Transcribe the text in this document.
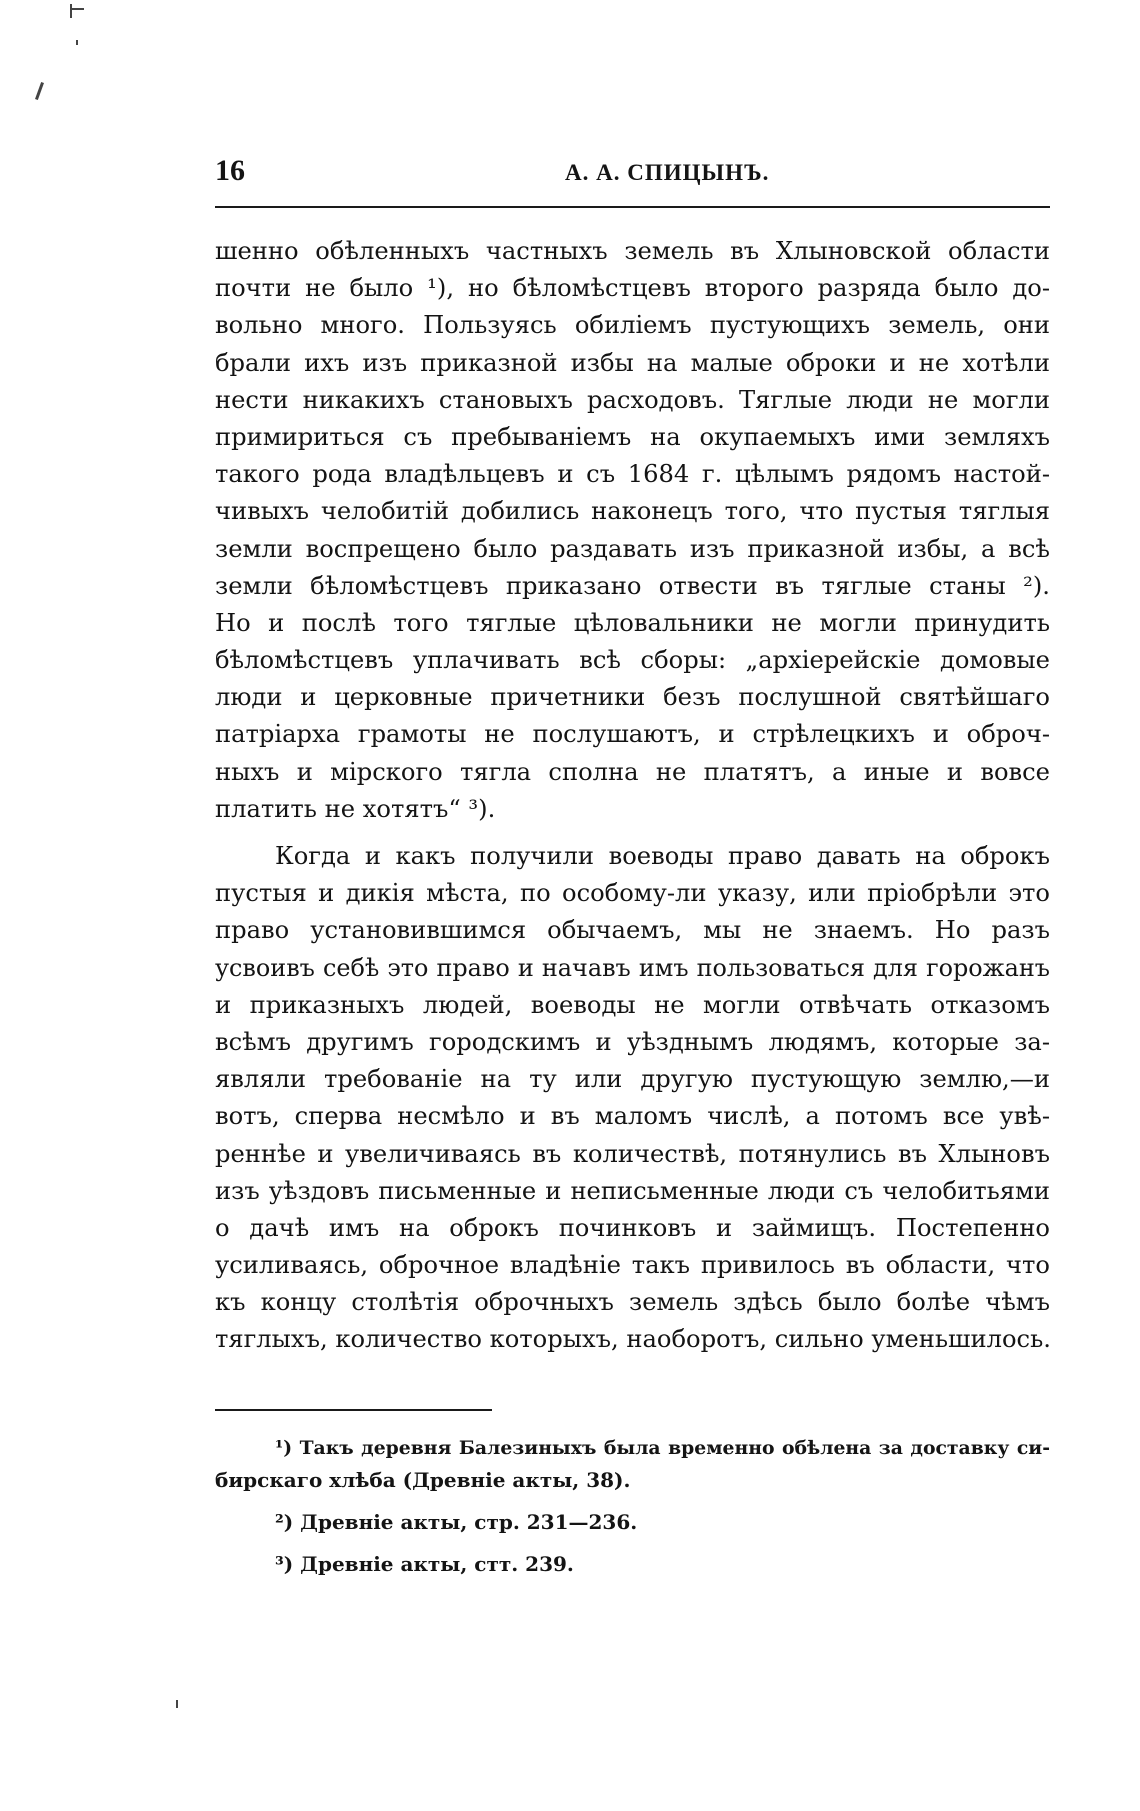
16	А. А. СПИЦЫНЪ.
шенно обѣленныхъ частныхъ земель въ Хлыновской области
почти не было ¹), но бѣломѣстцевъ второго разряда было до-
вольно много. Пользуясь обиліемъ пустующихъ земель, они
брали ихъ изъ приказной избы на малые оброки и не хотѣли
нести никакихъ становыхъ расходовъ. Тяглые люди не могли
примириться съ пребываніемъ на окупаемыхъ ими земляхъ
такого рода владѣльцевъ и съ 1684 г. цѣлымъ рядомъ настой-
чивыхъ челобитій добились наконецъ того, что пустыя тяглыя
земли воспрещено было раздавать изъ приказной избы, а всѣ
земли бѣломѣстцевъ приказано отвести въ тяглые станы ²).
Но и послѣ того тяглые цѣловальники не могли принудить
бѣломѣстцевъ уплачивать всѣ сборы: „архіерейскіе домовые
люди и церковные причетники безъ послушной святѣйшаго
патріарха грамоты не послушаютъ, и стрѣлецкихъ и оброч-
ныхъ и мірского тягла сполна не платятъ, а иные и вовсе
платить не хотятъ“ ³).
Когда и какъ получили воеводы право давать на оброкъ
пустыя и дикія мѣста, по особому-ли указу, или пріобрѣли это
право установившимся обычаемъ, мы не знаемъ. Но разъ
усвоивъ себѣ это право и начавъ имъ пользоваться для горожанъ
и приказныхъ людей, воеводы не могли отвѣчать отказомъ
всѣмъ другимъ городскимъ и уѣзднымъ людямъ, которые за-
являли требованіе на ту или другую пустующую землю,—и
вотъ, сперва несмѣло и въ маломъ числѣ, а потомъ все увѣ-
реннѣе и увеличиваясь въ количествѣ, потянулись въ Хлыновъ
изъ уѣздовъ письменные и неписьменные люди съ челобитьями
о дачѣ имъ на оброкъ починковъ и займищъ. Постепенно
усиливаясь, оброчное владѣніе такъ привилось въ области, что
къ концу столѣтія оброчныхъ земель здѣсь было болѣе чѣмъ
тяглыхъ, количество которыхъ, наоборотъ, сильно уменьшилось.
¹) Такъ деревня Балезиныхъ была временно обѣлена за доставку си-
бирскаго хлѣба (Древніе акты, 38).
²) Древніе акты, стр. 231—236.
³) Древніе акты, стт. 239.
